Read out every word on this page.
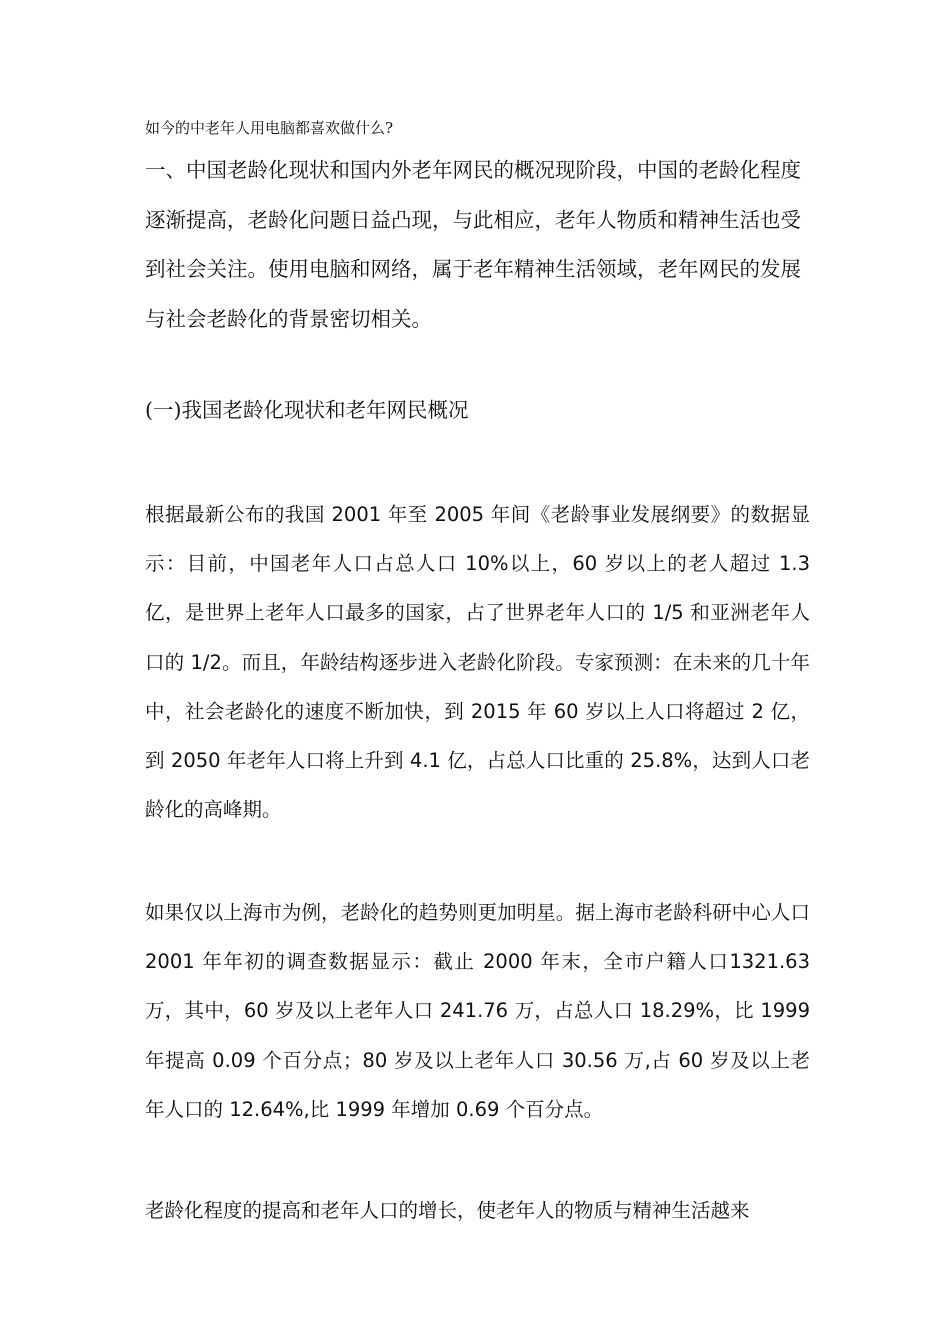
如今的中老年人用电脑都喜欢做什么?
一、中国老龄化现状和国内外老年网民的概况现阶段，中国的老龄化程度逐渐提高，老龄化问题日益凸现，与此相应，老年人物质和精神生活也受到社会关注。使用电脑和网络，属于老年精神生活领域，老年网民的发展与社会老龄化的背景密切相关。
(一)我国老龄化现状和老年网民概况
根据最新公布的我国 2001 年至 2005 年间《老龄事业发展纲要》的数据显示：目前，中国老年人口占总人口 10%以上，60 岁以上的老人超过 1.3 亿，是世界上老年人口最多的国家，占了世界老年人口的 1/5 和亚洲老年人口的 1/2。而且，年龄结构逐步进入老龄化阶段。专家预测：在未来的几十年中，社会老龄化的速度不断加快，到 2015 年 60 岁以上人口将超过 2 亿，到 2050 年老年人口将上升到 4.1 亿，占总人口比重的 25.8%，达到人口老龄化的高峰期。
如果仅以上海市为例，老龄化的趋势则更加明星。据上海市老龄科研中心人口 2001 年年初的调查数据显示：截止 2000 年末，全市户籍人口1321.63 万，其中，60 岁及以上老年人口 241.76 万，占总人口 18.29%，比 1999 年提高 0.09 个百分点；80 岁及以上老年人口 30.56 万,占 60 岁及以上老年人口的 12.64%,比 1999 年增加 0.69 个百分点。
老龄化程度的提高和老年人口的增长，使老年人的物质与精神生活越来
